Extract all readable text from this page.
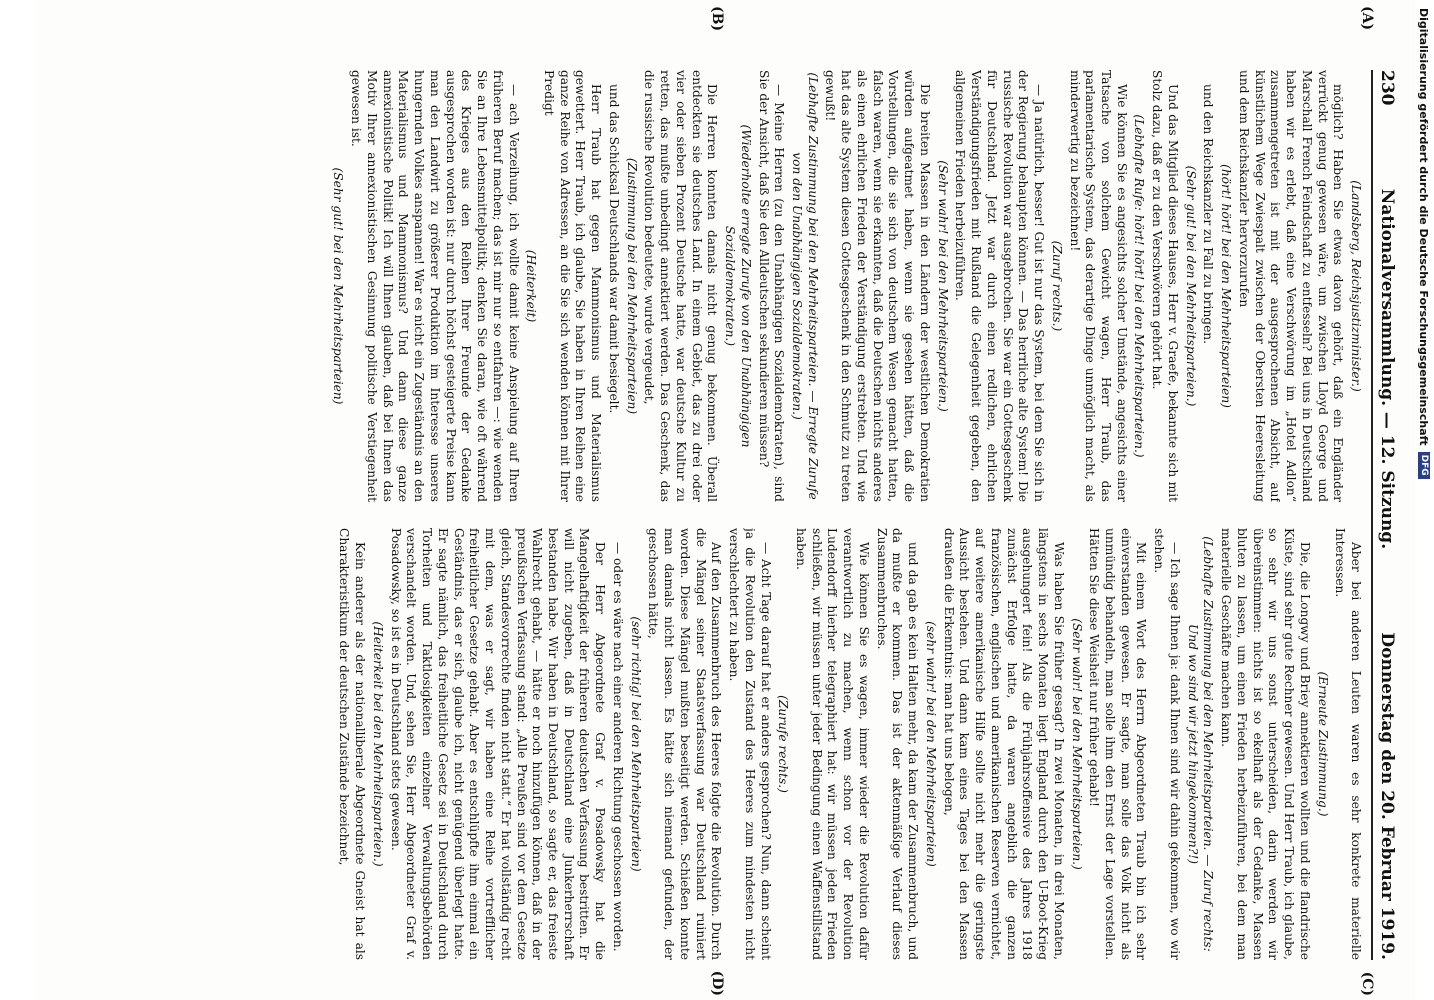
230
Nationalversammlung. — 12. Sitzung.
Donnerstag den 20. Februar 1919.
(A)
(B)

(Landsberg, Reichsjustizminister.)

möglich? Haben Sie etwas davon gehört, daß ein Engländer verrückt genug gewesen wäre, um zwischen Lloyd George und Marschall French Feindschaft zu entfesseln? Bei uns in Deutschland haben wir es erlebt, daß eine Verschwörung im „Hotel Adlon“ zusammengetreten ist mit der ausgesprochenen Absicht, auf künstlichem Wege Zwiespalt zwischen der Obersten Heeresleitung und dem Reichskanzler hervorzurufen

(hört! hört! bei den Mehrheitsparteien)

und den Reichskanzler zu Fall zu bringen.

(Sehr gut! bei den Mehrheitsparteien.)

Und das Mitglied dieses Hauses, Herr v. Graefe, bekannte sich mit Stolz dazu, daß er zu den Verschwörern gehört hat.

(Lebhafte Rufe: hört! hört! bei den Mehrheitsparteien.)

Wie können Sie es angesichts solcher Umstände, angesichts einer Tatsache von solchem Gewicht wagen, Herr Traub, das parlamentarische System, das derartige Dinge unmöglich macht, als minderwertig zu bezeichnen!

(Zuruf rechts.)

— Ja natürlich, besser! Gut ist nur das System, bei dem Sie sich in der Regierung behaupten können. — Das herrliche alte System! Die russische Revolution war ausgebrochen. Sie war ein Gottesgeschenk für Deutschland. Jetzt war durch einen redlichen, ehrlichen Verständigungsfrieden mit Rußland die Gelegenheit gegeben, den allgemeinen Frieden herbeizuführen.

(Sehr wahr! bei den Mehrheitsparteien.)

Die breiten Massen in den Ländern der westlichen Demokratien würden aufgeatmet haben, wenn sie gesehen hätten, daß die Vorstellungen, die sie sich von deutschem Wesen gemacht hatten, falsch waren, wenn sie erkannten, daß die Deutschen nichts anderes als einen ehrlichen Frieden der Verständigung erstrebten. Und wie hat das alte System diesen Gottesgeschenk in den Schmutz zu treten gewußt!

(Lebhafte Zustimmung bei den Mehrheitsparteien. — Erregte Zurufe von den Unabhängigen Sozialdemokraten.)

— Meine Herren (zu den Unabhängigen Sozialdemokraten), sind Sie der Ansicht, daß Sie den Alldeutschen sekundieren müssen?

(Wiederholte erregte Zurufe von den Unabhängigen Sozialdemokraten.)

Die Herren konnten damals nicht genug bekommen. Überall entdeckten sie deutsches Land. In einem Gebiet, das zu drei oder vier oder sieben Prozent Deutsche hatte, war deutsche Kultur zu retten, das mußte unbedingt annektiert werden. Das Geschenk, das die russische Revolution bedeutete, wurde vergeudet,

(Zustimmung bei den Mehrheitsparteien)

und das Schicksal Deutschlands war damit besiegelt.

Herr Traub hat gegen Mammonismus und Materialismus gewettert. Herr Traub, ich glaube, Sie haben in Ihren Reihen eine ganze Reihe von Adressen, an die Sie sich wenden können mit Ihrer Predigt

(Heiterkeit)

— ach Verzeihung, ich wollte damit keine Anspielung auf Ihren früheren Beruf machen; das ist mir nur so entfahren —: wie wenden Sie an Ihre Lebensmittelpolitik; denken Sie daran, wie oft während des Krieges aus den Reihen Ihrer Freunde der Gedanke ausgesprochen worden ist: nur durch höchst gesteigerte Preise kann man den Landwirt zu größerer Produktion im Interesse unseres hungernden Volkes anspannen! War es nicht ein Zugeständnis an den Materialismus und Mammonismus? Und dann diese ganze annexionistische Politik! Ich will Ihnen glauben, daß bei Ihnen das Motiv Ihrer annexionistischen Gesinnung politische Verstiegenheit gewesen ist.

(Sehr gut! bei den Mehrheitsparteien)

Aber bei anderen Leuten waren es sehr konkrete materielle Interessen.

(Erneute Zustimmung.)

Die, die Longwy und Briey annektieren wollten und die flandrische Küste, sind sehr gute Rechner gewesen. Und Herr Traub, ich glaube, so sehr wir uns sonst unterscheiden, darin werden wir übereinstimmen: nichts ist so ekelhaft als der Gedanke, Massen bluten zu lassen, um einen Frieden herbeizuführen, bei dem man materielle Geschäfte machen kann.

(Lebhafte Zustimmung bei den Mehrheitsparteien. — Zuruf rechts: Und wo sind wir jetzt hingekommen?!)

— Ich sage Ihnen ja: dank Ihnen sind wir dahin gekommen, wo wir stehen.

Mit einem Wort des Herrn Abgeordneten Traub bin ich sehr einverstanden gewesen. Er sagte, man solle das Volk nicht als unmündig behandeln, man solle ihm den Ernst der Lage vorstellen. Hätten Sie diese Weisheit nur früher gehabt!

(Sehr wahr! bei den Mehrheitsparteien.)

Was haben Sie früher gesagt? In zwei Monaten, in drei Monaten, längstens in sechs Monaten liegt England durch den U-Boot-Krieg ausgehungert fein! Als die Frühjahrsoffensive des Jahres 1918 zunächst Erfolge hatte, da waren angeblich die ganzen französischen, englischen und amerikanischen Reserven vernichtet, auf weitere amerikanische Hilfe sollte nicht mehr die geringste Aussicht bestehen. Und dann kam eines Tages bei den Massen draußen die Erkenntnis: man hat uns belogen,

(sehr wahr! bei den Mehrheitsparteien)

und da gab es kein Halten mehr, da kam der Zusammenbruch, und da mußte er kommen. Das ist der aktenmäßige Verlauf dieses Zusammenbruches.

Wie können Sie es wagen, immer wieder die Revolution dafür verantwortlich zu machen, wenn schon vor der Revolution Ludendorff hierher telegraphiert hat: wir müssen jeden Frieden schließen, wir müssen unter jeder Bedingung einen Waffenstillstand haben.

(Zurufe rechts.)

— Acht Tage darauf hat er anders gesprochen? Nun, dann scheint ja die Revolution den Zustand des Heeres zum mindesten nicht verschlechtert zu haben.

Auf den Zusammenbruch des Heeres folgte die Revolution. Durch die Mängel seiner Staatsverfassung war Deutschland ruiniert worden. Diese Mängel mußten beseitigt werden. Schießen konnte man damals nicht lassen. Es hätte sich niemand gefunden, der geschossen hätte,

(sehr richtig! bei den Mehrheitsparteien)

— oder es wäre nach einer anderen Richtung geschossen worden.

Der Herr Abgeordnete Graf v. Posadowsky hat die Mangelhaftigkeit der früheren deutschen Verfassung bestritten. Er will nicht zugeben, daß in Deutschland eine Junkerherrschaft bestanden habe. Wir haben in Deutschland, so sagte er, das freieste Wahlrecht gehabt, — hätte er noch hinzufügen können, daß in der preußischen Verfassung stand: „Alle Preußen sind vor dem Gesetze gleich, Standesvorrechte finden nicht statt.“ Er hat vollständig recht mit dem, was er sagt, wir haben eine Reihe vortrefflicher freiheitlicher Gesetze gehabt. Aber es entschlüpfte ihm einmal ein Geständnis, das er sich, glaube ich, nicht genügend überlegt hatte. Er sagte nämlich, das freiheitliche Gesetz sei in Deutschland durch Torheiten und Taktlosigkeiten einzelner Verwaltungsbehörden verschandelt worden. Und, sehen Sie, Herr Abgeordneter Graf v. Posadowsky, so ist es in Deutschland stets gewesen.

(Heiterkeit bei den Mehrheitsparteien.)

Kein anderer als der nationalliberale Abgeordnete Gneist hat als Charakteristikum der deutschen Zustände bezeichnet,

(C)
(D)
Digitalisierung gefördert durch die Deutsche Forschungsgemeinschaft
DFG
